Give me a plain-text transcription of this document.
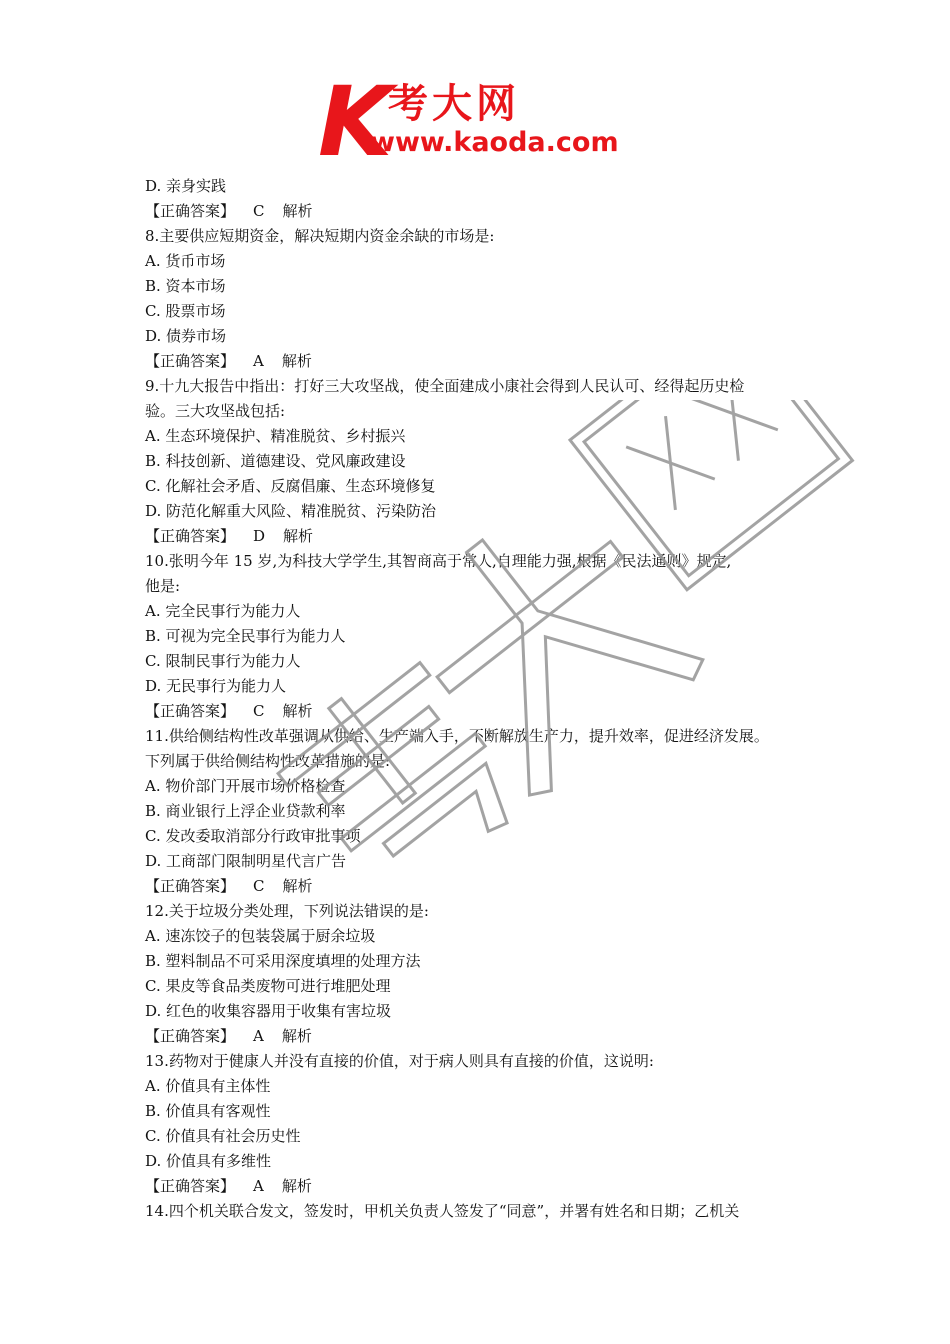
K
考大网
www.kaoda.com
D. 亲身实践
【正确答案】 C 解析
8.主要供应短期资金，解决短期内资金余缺的市场是:
A. 货币市场
B. 资本市场
C. 股票市场
D. 债券市场
【正确答案】 A 解析
9.十九大报告中指出：打好三大攻坚战，使全面建成小康社会得到人民认可、经得起历史检
验。三大攻坚战包括:
A. 生态环境保护、精准脱贫、乡村振兴
B. 科技创新、道德建设、党风廉政建设
C. 化解社会矛盾、反腐倡廉、生态环境修复
D. 防范化解重大风险、精准脱贫、污染防治
【正确答案】 D 解析
10.张明今年 15 岁,为科技大学学生,其智商高于常人,自理能力强,根据《民法通则》规定,
他是:
A. 完全民事行为能力人
B. 可视为完全民事行为能力人
C. 限制民事行为能力人
D. 无民事行为能力人
【正确答案】 C 解析
11.供给侧结构性改革强调从供给、生产端入手，不断解放生产力，提升效率，促进经济发展。
下列属于供给侧结构性改革措施的是:
A. 物价部门开展市场价格检查
B. 商业银行上浮企业贷款利率
C. 发改委取消部分行政审批事项
D. 工商部门限制明星代言广告
【正确答案】 C 解析
12.关于垃圾分类处理，下列说法错误的是:
A. 速冻饺子的包装袋属于厨余垃圾
B. 塑料制品不可采用深度填埋的处理方法
C. 果皮等食品类废物可进行堆肥处理
D. 红色的收集容器用于收集有害垃圾
【正确答案】 A 解析
13.药物对于健康人并没有直接的价值，对于病人则具有直接的价值，这说明:
A. 价值具有主体性
B. 价值具有客观性
C. 价值具有社会历史性
D. 价值具有多维性
【正确答案】 A 解析
14.四个机关联合发文，签发时，甲机关负责人签发了“同意”，并署有姓名和日期；乙机关
